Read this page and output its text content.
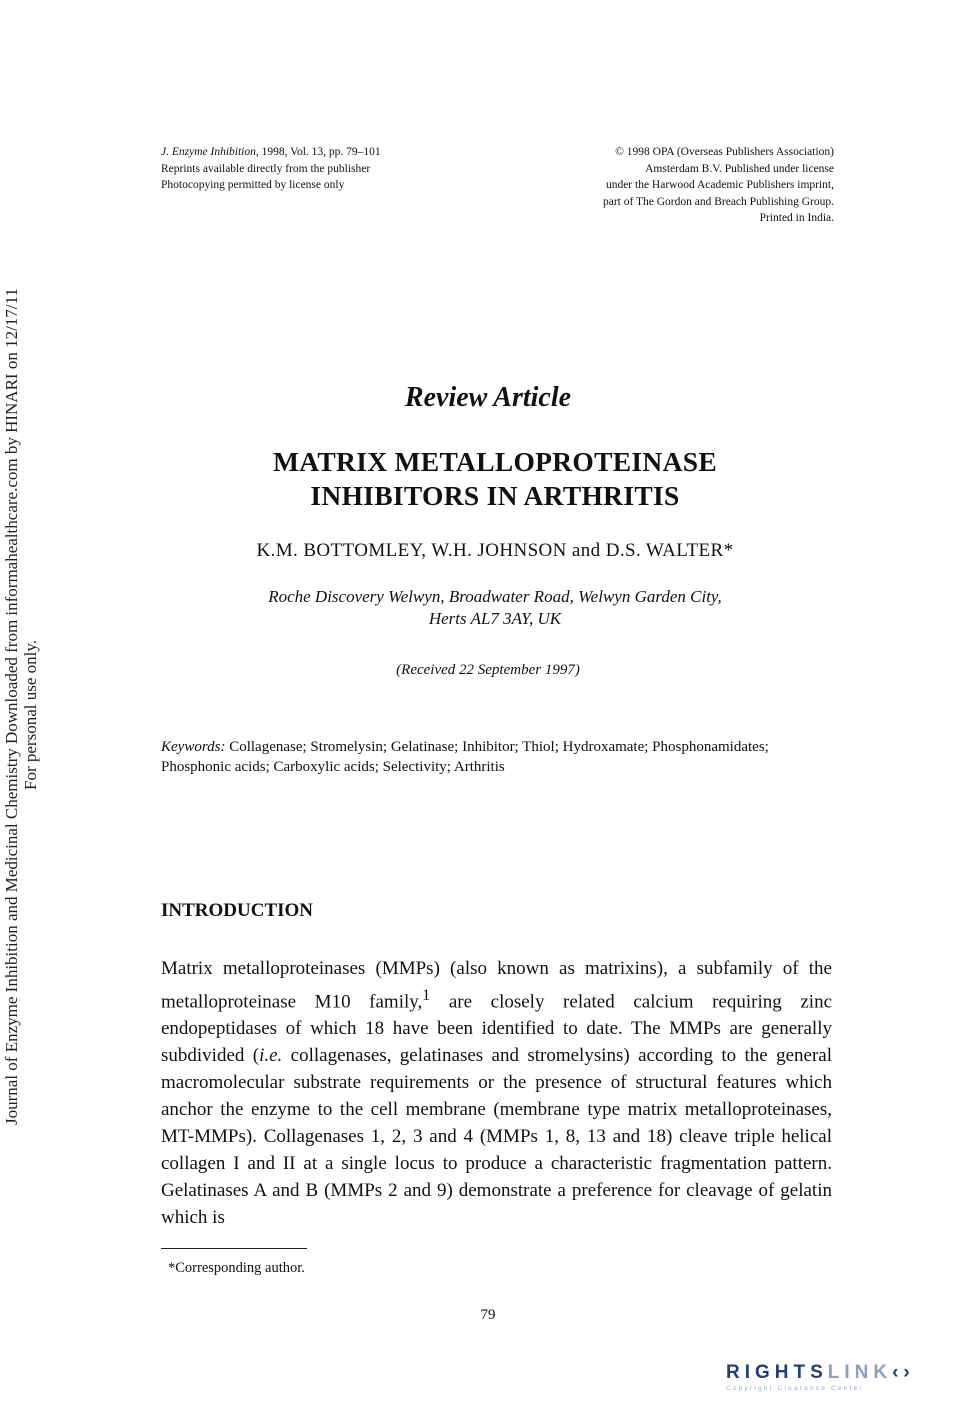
J. Enzyme Inhibition, 1998, Vol. 13, pp. 79–101
Reprints available directly from the publisher
Photocopying permitted by license only
© 1998 OPA (Overseas Publishers Association)
Amsterdam B.V. Published under license
under the Harwood Academic Publishers imprint,
part of The Gordon and Breach Publishing Group.
Printed in India.
Journal of Enzyme Inhibition and Medicinal Chemistry Downloaded from informahealthcare.com by HINARI on 12/17/11 For personal use only.
Review Article
MATRIX METALLOPROTEINASE
INHIBITORS IN ARTHRITIS
K.M. BOTTOMLEY, W.H. JOHNSON and D.S. WALTER*
Roche Discovery Welwyn, Broadwater Road, Welwyn Garden City,
Herts AL7 3AY, UK
(Received 22 September 1997)
Keywords: Collagenase; Stromelysin; Gelatinase; Inhibitor; Thiol; Hydroxamate; Phosphonamidates; Phosphonic acids; Carboxylic acids; Selectivity; Arthritis
INTRODUCTION

Matrix metalloproteinases (MMPs) (also known as matrixins), a subfamily of the metalloproteinase M10 family,$^1$ are closely related calcium requiring zinc endopeptidases of which 18 have been identified to date. The MMPs are generally subdivided (i.e. collagenases, gelatinases and stromelysins) according to the general macromolecular substrate requirements or the presence of structural features which anchor the enzyme to the cell membrane (membrane type matrix metalloproteinases, MT-MMPs). Collagenases 1, 2, 3 and 4 (MMPs 1, 8, 13 and 18) cleave triple helical collagen I and II at a single locus to produce a characteristic fragmentation pattern. Gelatinases A and B (MMPs 2 and 9) demonstrate a preference for cleavage of gelatin which is

*Corresponding author.
79
RIGHTSLINK‹›
Copyright Clearance Center
